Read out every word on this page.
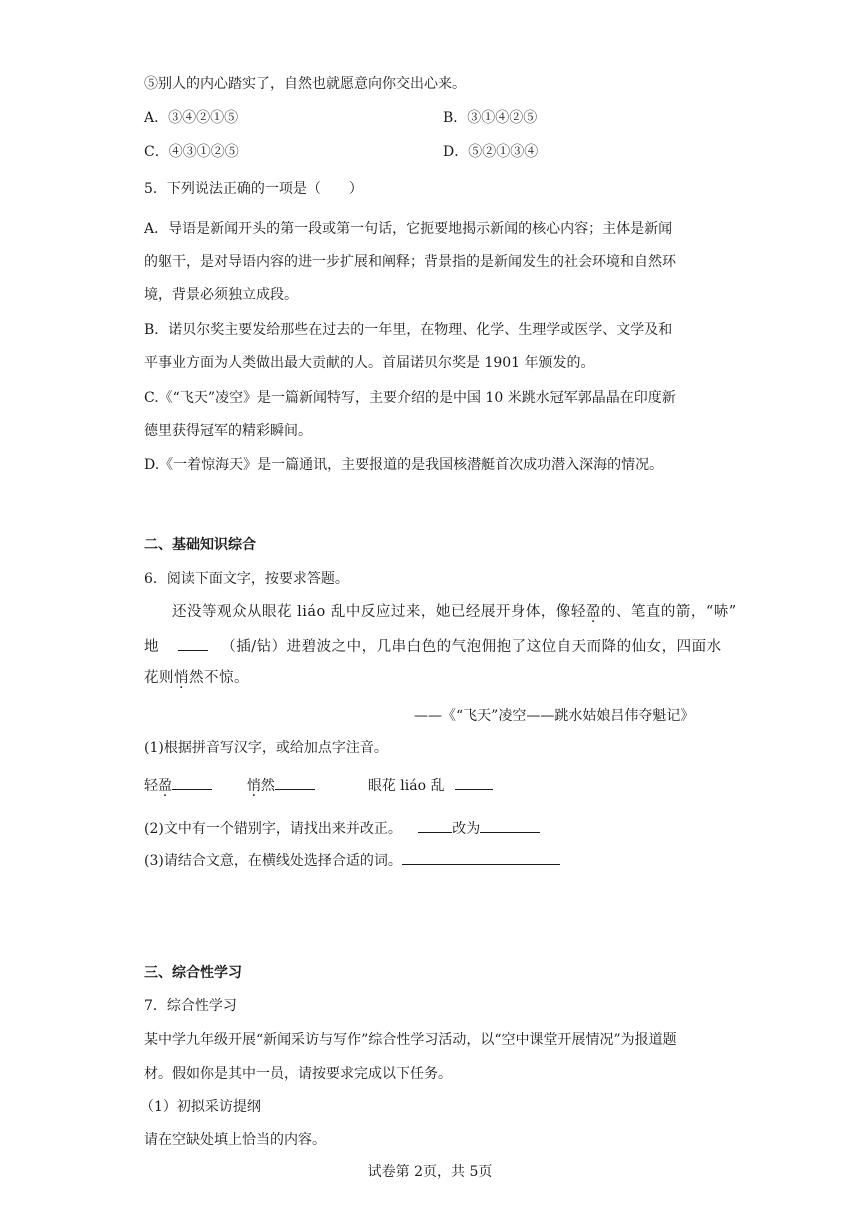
⑤别人的内心踏实了，自然也就愿意向你交出心来。
A．③④②①⑤	B．③①④②⑤
C．④③①②⑤	D．⑤②①③④
5．下列说法正确的一项是（　　）
A．导语是新闻开头的第一段或第一句话，它扼要地揭示新闻的核心内容；主体是新闻
的躯干，是对导语内容的进一步扩展和阐释；背景指的是新闻发生的社会环境和自然环
境，背景必须独立成段。
B．诺贝尔奖主要发给那些在过去的一年里，在物理、化学、生理学或医学、文学及和
平事业方面为人类做出最大贡献的人。首届诺贝尔奖是 1901 年颁发的。
C.《“飞天”凌空》是一篇新闻特写，主要介绍的是中国 10 米跳水冠军郭晶晶在印度新
德里获得冠军的精彩瞬间。
D.《一着惊海天》是一篇通讯，主要报道的是我国核潜艇首次成功潜入深海的情况。
二、基础知识综合
6．阅读下面文字，按要求答题。
还没等观众从眼花 liáo 乱中反应过来，她已经展开身体，像轻盈的、笔直的箭，“哧”
地	（插/钻）进碧波之中，几串白色的气泡佣抱了这位自天而降的仙女，四面水
花则悄然不惊。
——《“飞天”凌空——跳水姑娘吕伟夺魁记》
(1)根据拼音写汉字，或给加点字注音。
轻盈	悄然	眼花 liáo 乱
(2)文中有一个错别字，请找出来并改正。	改为
(3)请结合文意，在横线处选择合适的词。
三、综合性学习
7．综合性学习
某中学九年级开展“新闻采访与写作”综合性学习活动，以“空中课堂开展情况”为报道题
材。假如你是其中一员，请按要求完成以下任务。
（1）初拟采访提纲
请在空缺处填上恰当的内容。
试卷第 2页，共 5页
